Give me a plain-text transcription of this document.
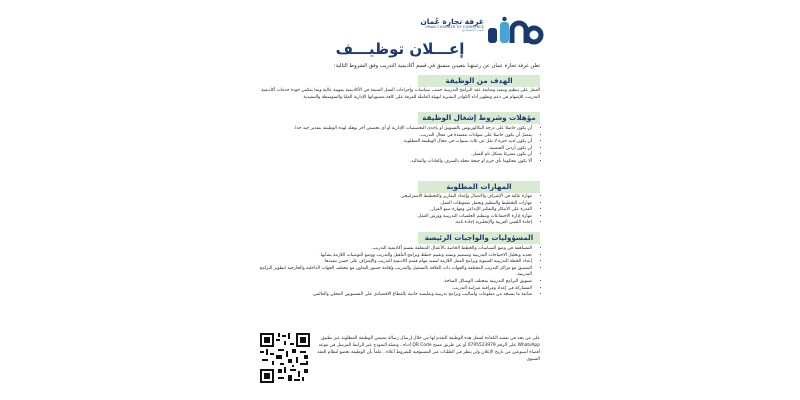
غرفة تجارة عُمان
OMAN CHAMBER OF COMMERCE
البيت الاقتصادي
إعـــلان توظيـــف
تعلن غرفة تجارة عمان عن رغبتهـا بتعييـن منسق في قسم أكاديمية التدريب وفق الشروط التالية:
الهدف من الوظيفة
العمل على تنظيم وتنفيذ ومتابعة عقد البرامج التدريبية حسب سياسات وإجراءات العمل المتبعة في الأكاديمية بمهنية عالية وبما يعكس جودة خدمات أكاديمية التدريب، للإسهام في دعم وتطوير أداء الكوادر البشرية لتهيئة العاملة للغرفة على كافة مستوياتها الإدارية العليا والمتوسطة والتنفيذية.
مؤهلات وشروط إشغال الوظيفة
• أن يكون حاصلا على درجة البكالوريوس بالتسويق أو بإحدى التخصصات الإدارية أو أي تخصص آخر يؤهله لهذه الوظيفة بتقدير جيد جدا.
• يفضل أن يكون حاصلا على شهادات معتمدة في مجال التدريب.
• أن يكون لديه خبرة لا تقل عن ثلاث سنوات في مجال الوظيفة المطلوبة.
• أن يكون أردني الجنسية.
• أن يكون متفرغا بشكل تام للعمل.
• ألا يكون محكوما بأي جرم أو جنحة مخلة بالشرف والعادات والتقاليد.
المهارات المطلوبة
• مهارة عالية في الإشراف والاتصال وإعداد التقارير والتخطيط الاستراتيجي.
• مهارات التخطيط والتنظيم وتحمل ضغوطات العمل.
• القدرة على الابتكار والتفكير الإبداعي ومهارة صنع القرار.
• مهارة إدارة الاجتماعات وتنظيم الجلسات التدريبية وورش العمل.
• إجادة اللغتين العربية والإنجليزية إجادة تامة.
المسؤوليات والواجبات الرئيسة
• المساهمة في وضع السياسات والخطط الخاصة بالأعمال المتعلقة بقسم أكاديمية التدريب.
• تحديد وتحليل الاحتياجات التدريبية وتصميم وتنفيذ وتقييم خطط وبرامج التأهيل والتدريب ووضع التوصيات اللازمة بشأنها.
• إعداد الخطة التدريبية السنوية وبرامج العمل اللازمة لتنفيذ مهام قسم أكاديمية التدريب والإشراف على حسن تنفيذها.
• التنسيق مع مراكز التدريب المختلفة والجهات ذات العلاقة بالتشغيل والتدريب وإقامة جسور التعاون مع مختلف الجهات الداخلية والخارجية لتطوير البرامج التدريبية.
• تسويق البرامج التدريبية بمختلف الوسائل المتاحة.
• المشاركة في إعداد ومراقبة ميزانية التدريب.
• متابعة ما يستجد من معلومات وأساليب وبرامج تدريبية وتعليمية خاصة بالقطاع الاقتصادي على المستويين المحلي والعالمي.
على من يجد في نفسه الكفاءة لشغل هذه الوظيفة التقدم لها من خلال إرسال رسالة تتضمن الوظيفة المطلوبة عبر تطبيق WhatsApp على الرقم 0795523979 أو عن طريق مسح QR Code أدناه ، وتعبئة النموذج عبر الرابط المرسل في موعد أقصاه أسبوعين من تاريخ الإعلان ولن ينظر في الطلبات غير المستوفية للشروط أعلاه ، علماً بأن الوظيفة تخضع لنظام العقد السنوي
